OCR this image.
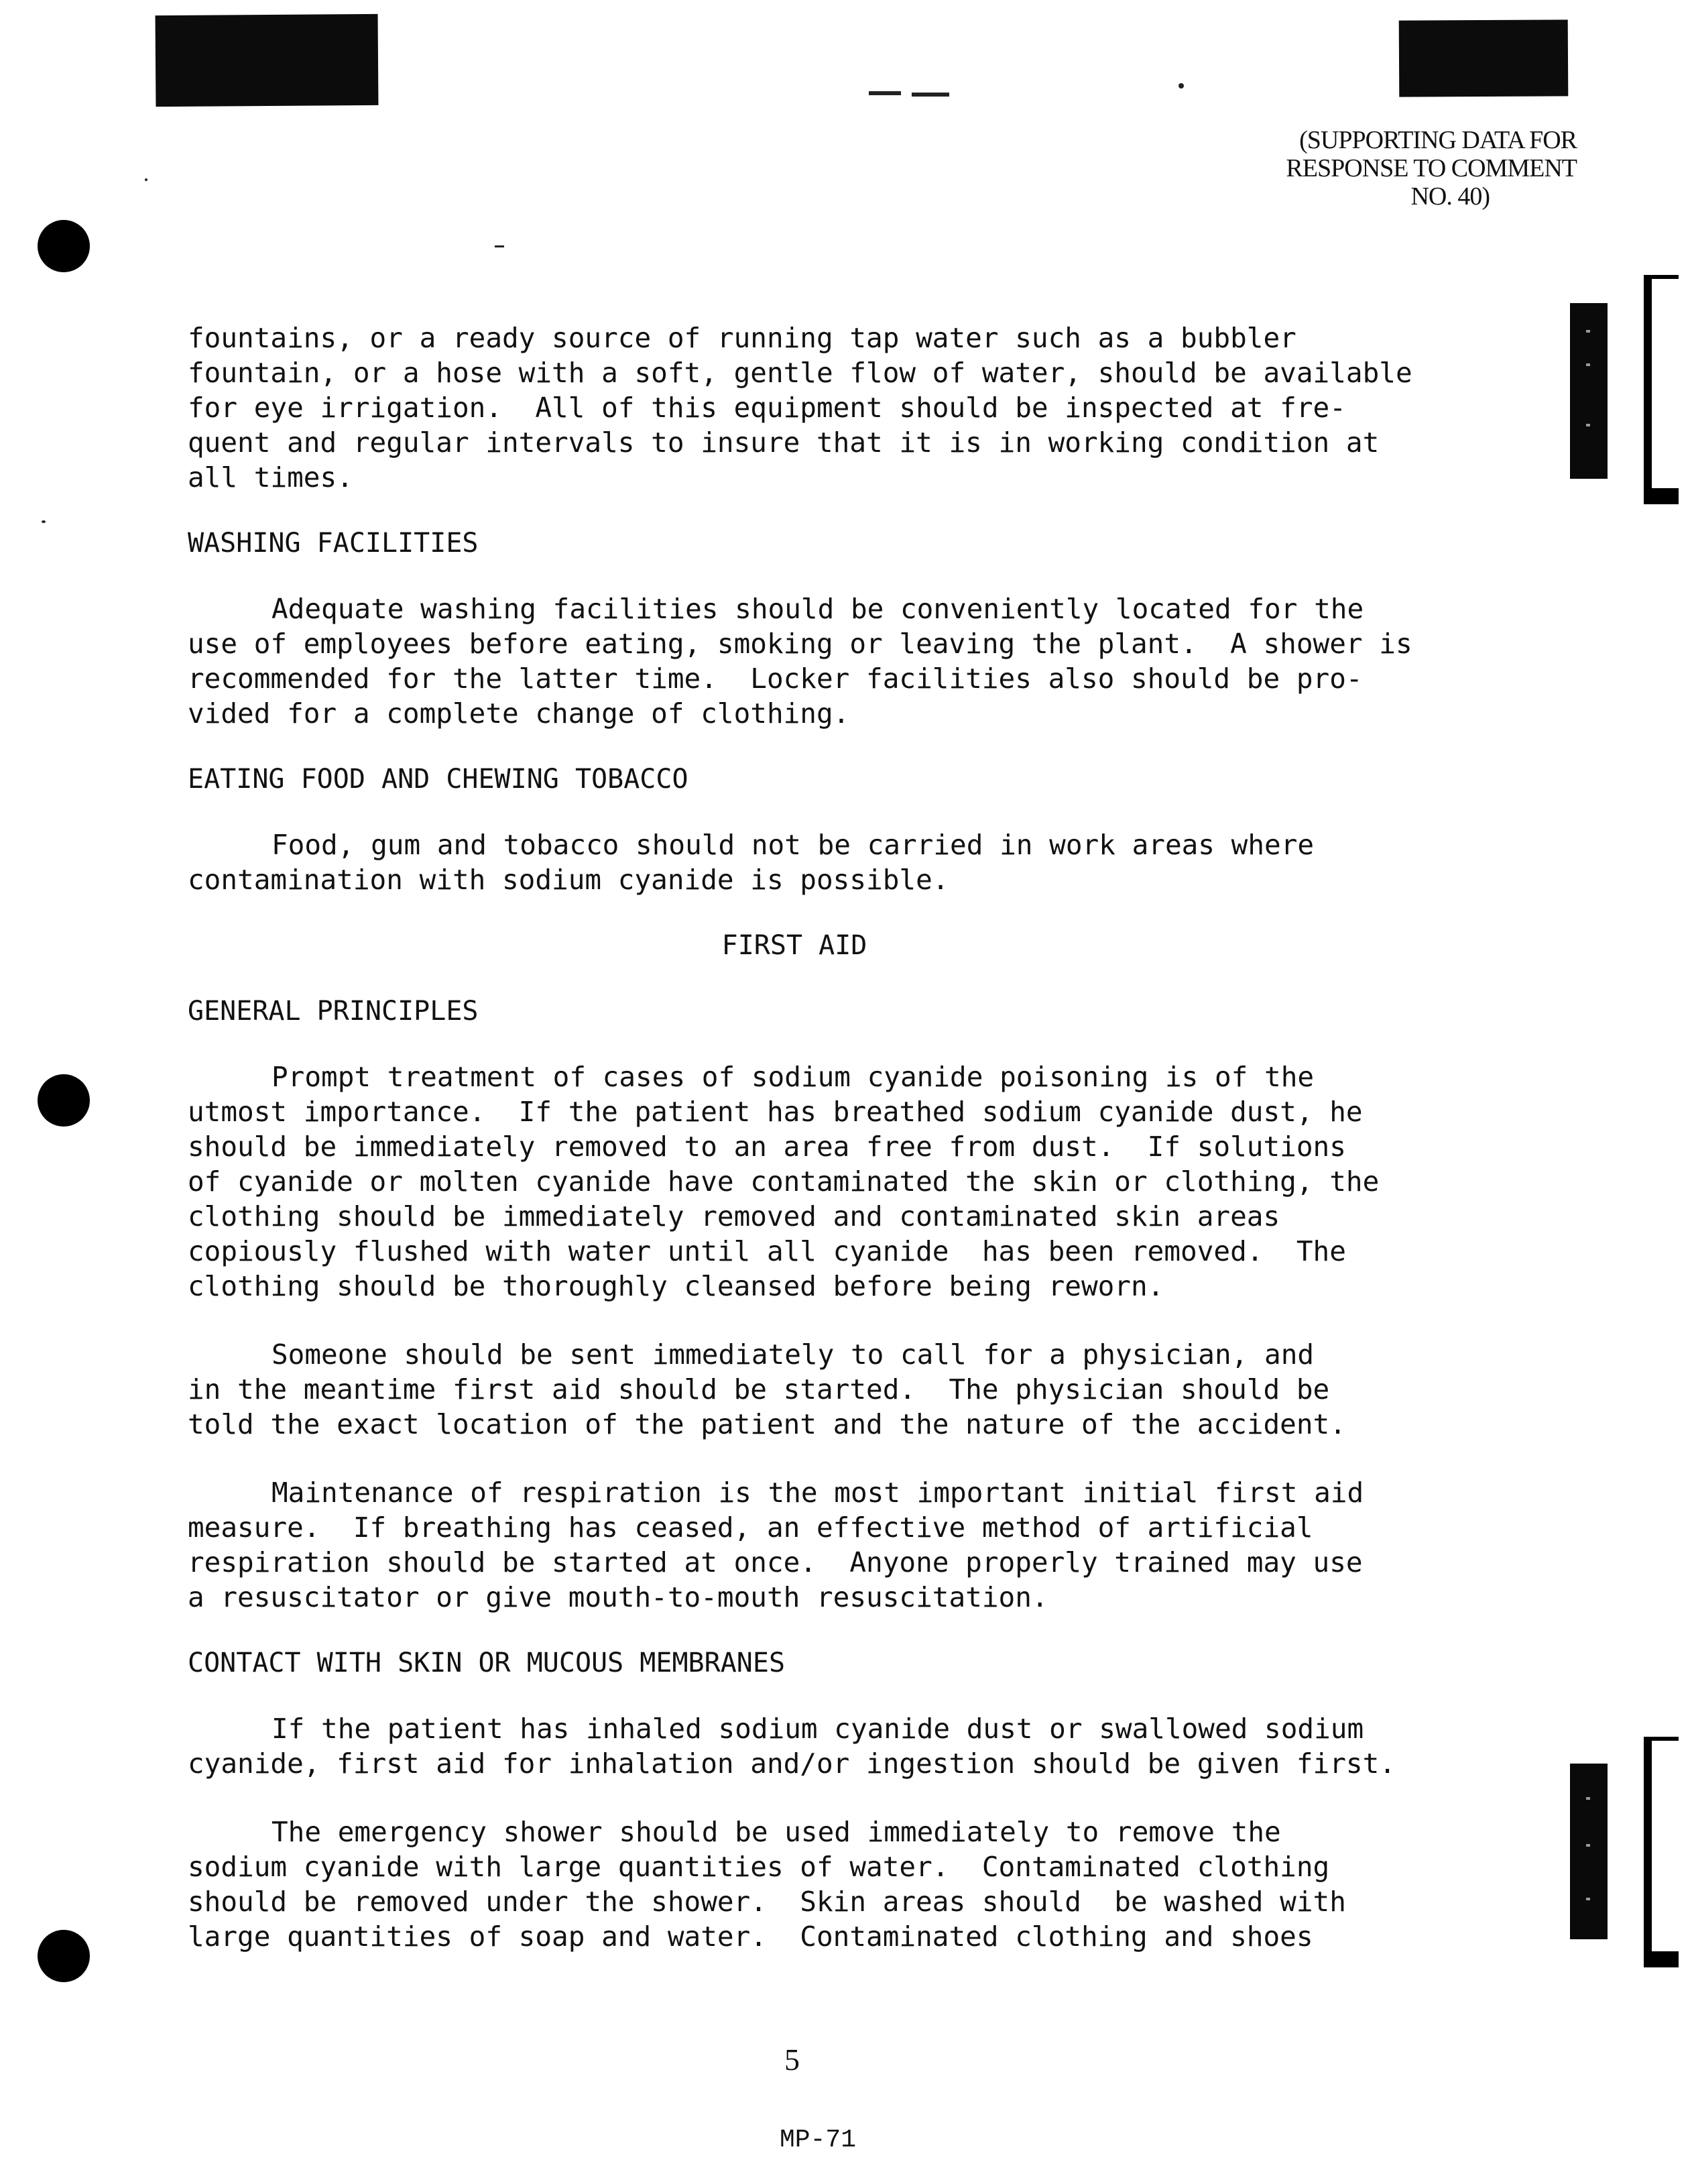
(SUPPORTING DATA FOR
RESPONSE TO COMMENT
NO. 40)

fountains, or a ready source of running tap water such as a bubbler
fountain, or a hose with a soft, gentle flow of water, should be available
for eye irrigation.  All of this equipment should be inspected at fre-
quent and regular intervals to insure that it is in working condition at
all times.

WASHING FACILITIES

Adequate washing facilities should be conveniently located for the
use of employees before eating, smoking or leaving the plant.  A shower is
recommended for the latter time.  Locker facilities also should be pro-
vided for a complete change of clothing.

EATING FOOD AND CHEWING TOBACCO

Food, gum and tobacco should not be carried in work areas where
contamination with sodium cyanide is possible.

FIRST AID

GENERAL PRINCIPLES

Prompt treatment of cases of sodium cyanide poisoning is of the
utmost importance.  If the patient has breathed sodium cyanide dust, he
should be immediately removed to an area free from dust.  If solutions
of cyanide or molten cyanide have contaminated the skin or clothing, the
clothing should be immediately removed and contaminated skin areas
copiously flushed with water until all cyanide  has been removed.  The
clothing should be thoroughly cleansed before being reworn.

Someone should be sent immediately to call for a physician, and
in the meantime first aid should be started.  The physician should be
told the exact location of the patient and the nature of the accident.

Maintenance of respiration is the most important initial first aid
measure.  If breathing has ceased, an effective method of artificial
respiration should be started at once.  Anyone properly trained may use
a resuscitator or give mouth-to-mouth resuscitation.

CONTACT WITH SKIN OR MUCOUS MEMBRANES

If the patient has inhaled sodium cyanide dust or swallowed sodium
cyanide, first aid for inhalation and/or ingestion should be given first.

The emergency shower should be used immediately to remove the
sodium cyanide with large quantities of water.  Contaminated clothing
should be removed under the shower.  Skin areas should  be washed with
large quantities of soap and water.  Contaminated clothing and shoes

5
MP-71
